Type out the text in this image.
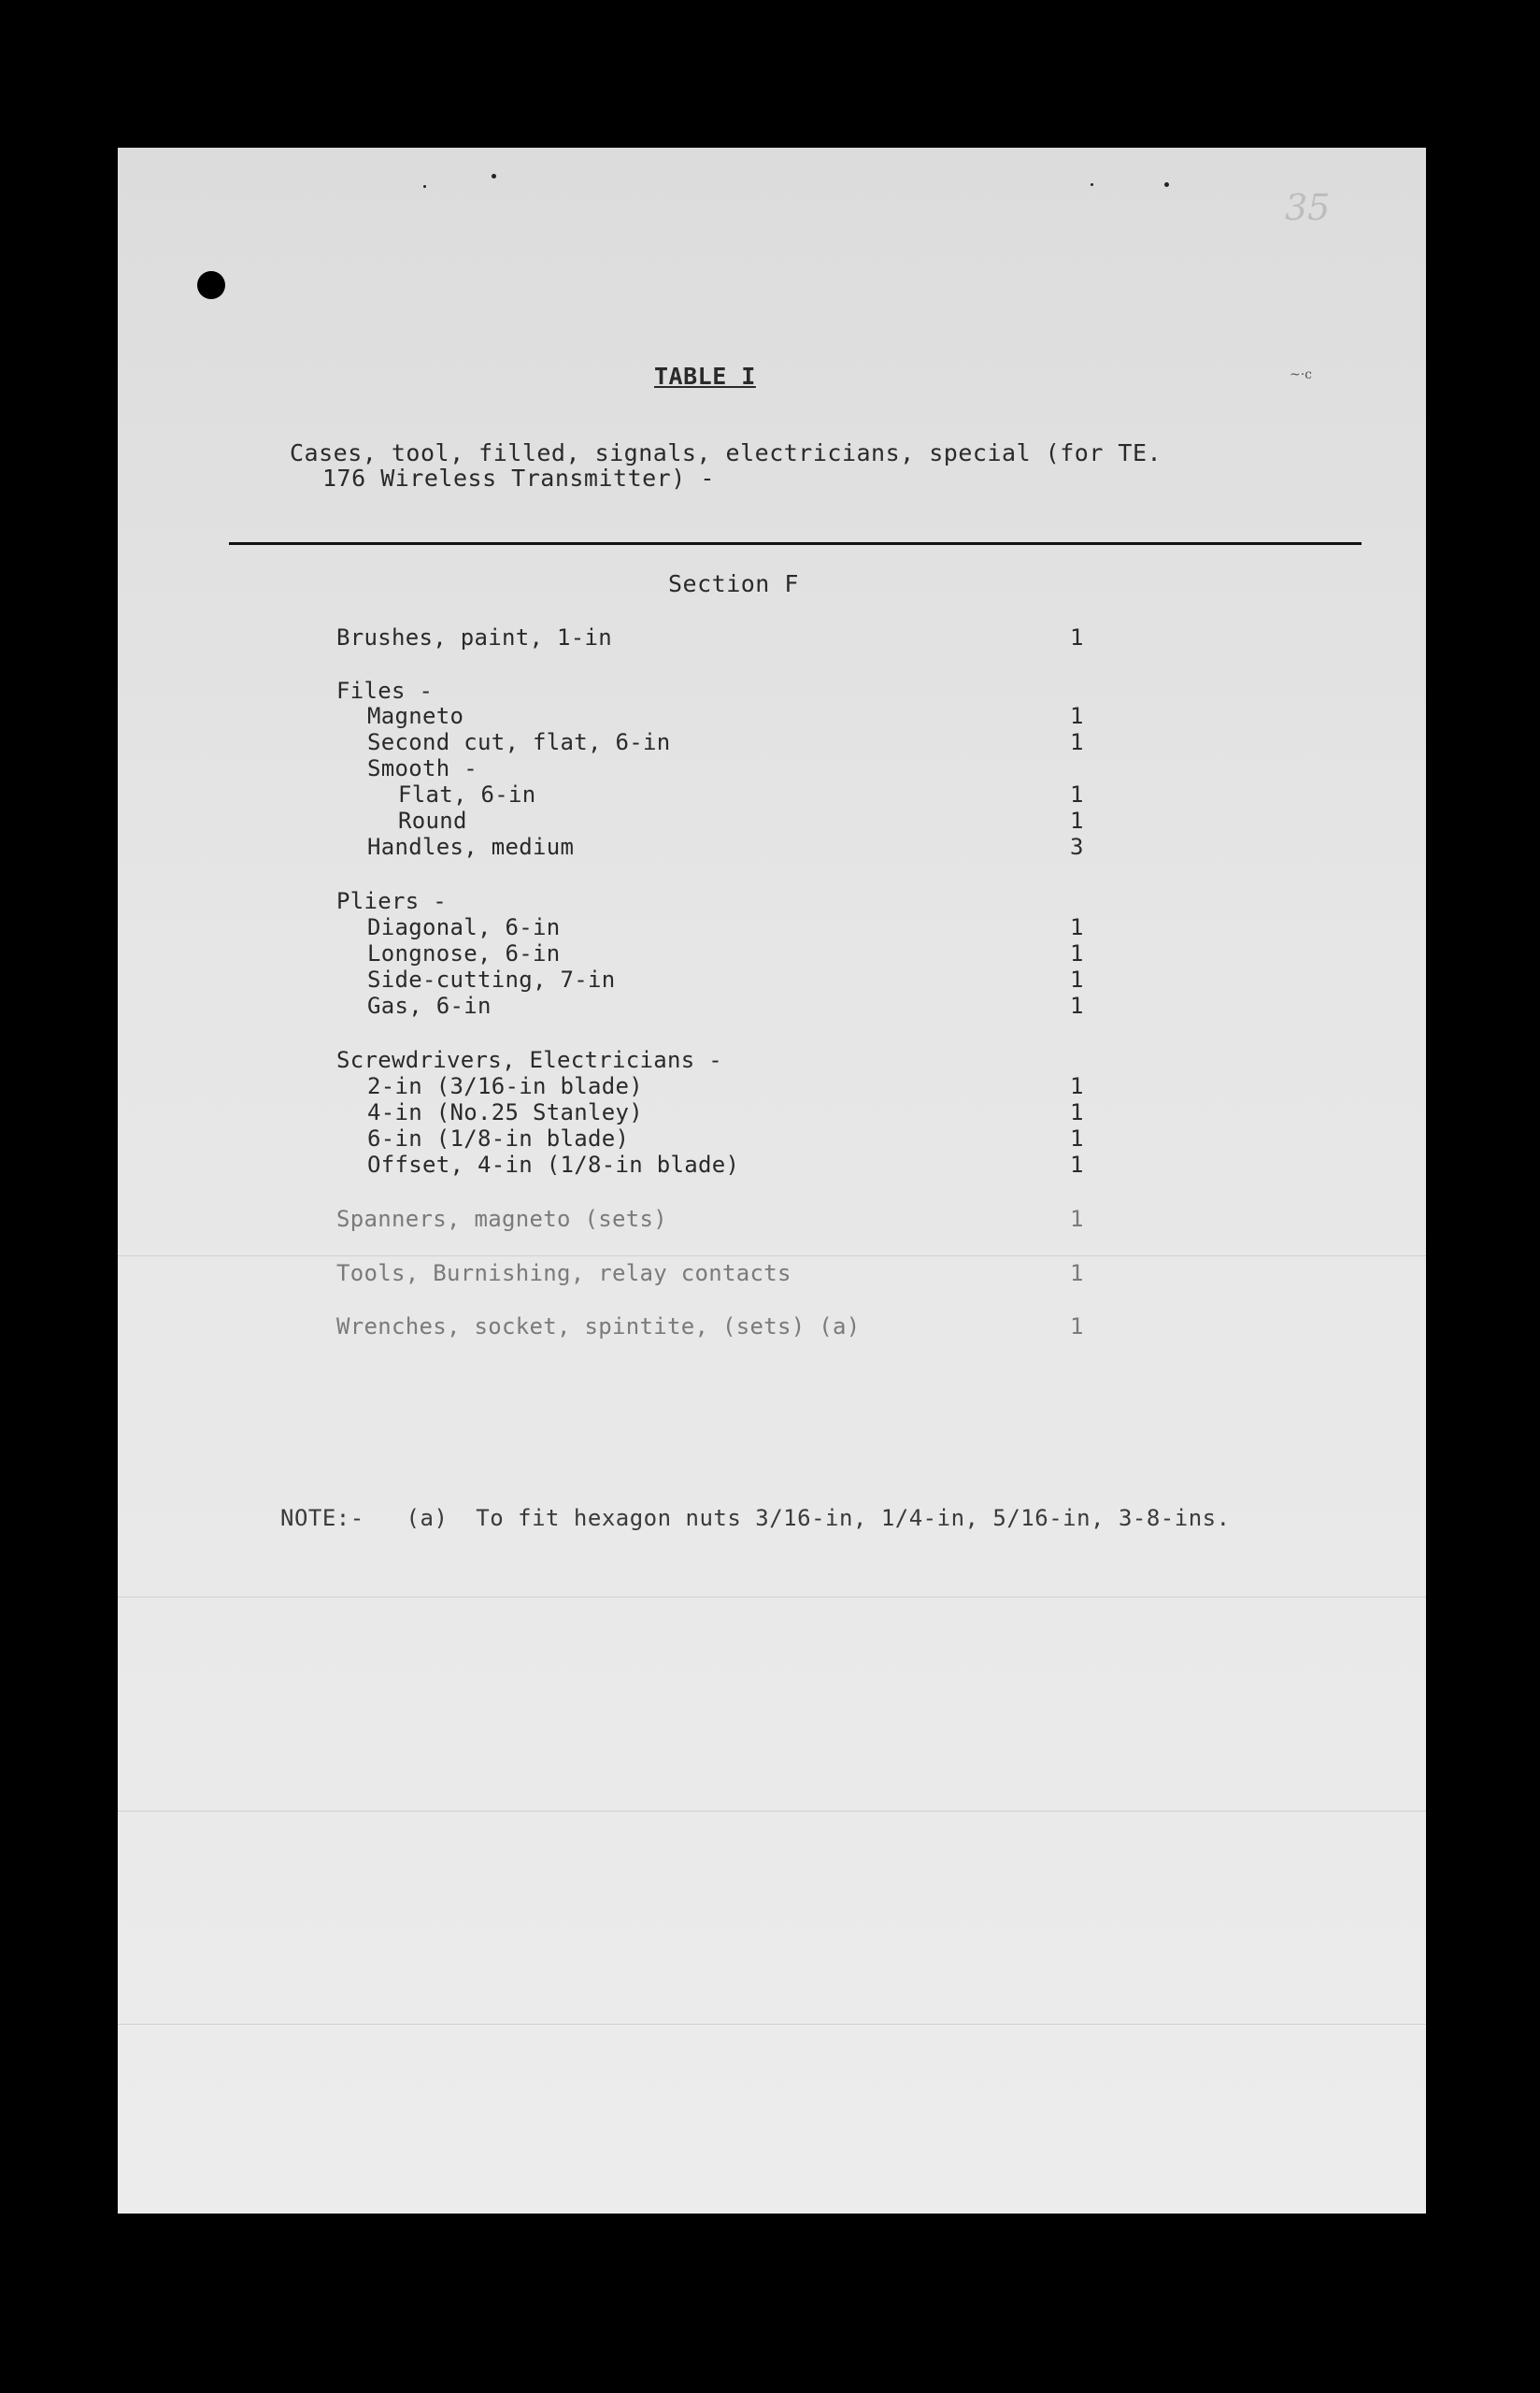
35
~·c
TABLE I
Cases, tool, filled, signals, electricians, special (for TE.
176 Wireless Transmitter) -
Section F
Brushes, paint, 1-in	1
Files -
Magneto	1
Second cut, flat, 6-in	1
Smooth -
Flat, 6-in	1
Round	1
Handles, medium	3
Pliers -
Diagonal, 6-in	1
Longnose, 6-in	1
Side-cutting, 7-in	1
Gas, 6-in	1
Screwdrivers, Electricians -
2-in (3/16-in blade)	1
4-in (No.25 Stanley)	1
6-in (1/8-in blade)	1
Offset, 4-in (1/8-in blade)	1
Spanners, magneto (sets)	1
Tools, Burnishing, relay contacts	1
Wrenches, socket, spintite, (sets) (a)	1
NOTE:-   (a)  To fit hexagon nuts 3/16-in, 1/4-in, 5/16-in, 3-8-ins.
